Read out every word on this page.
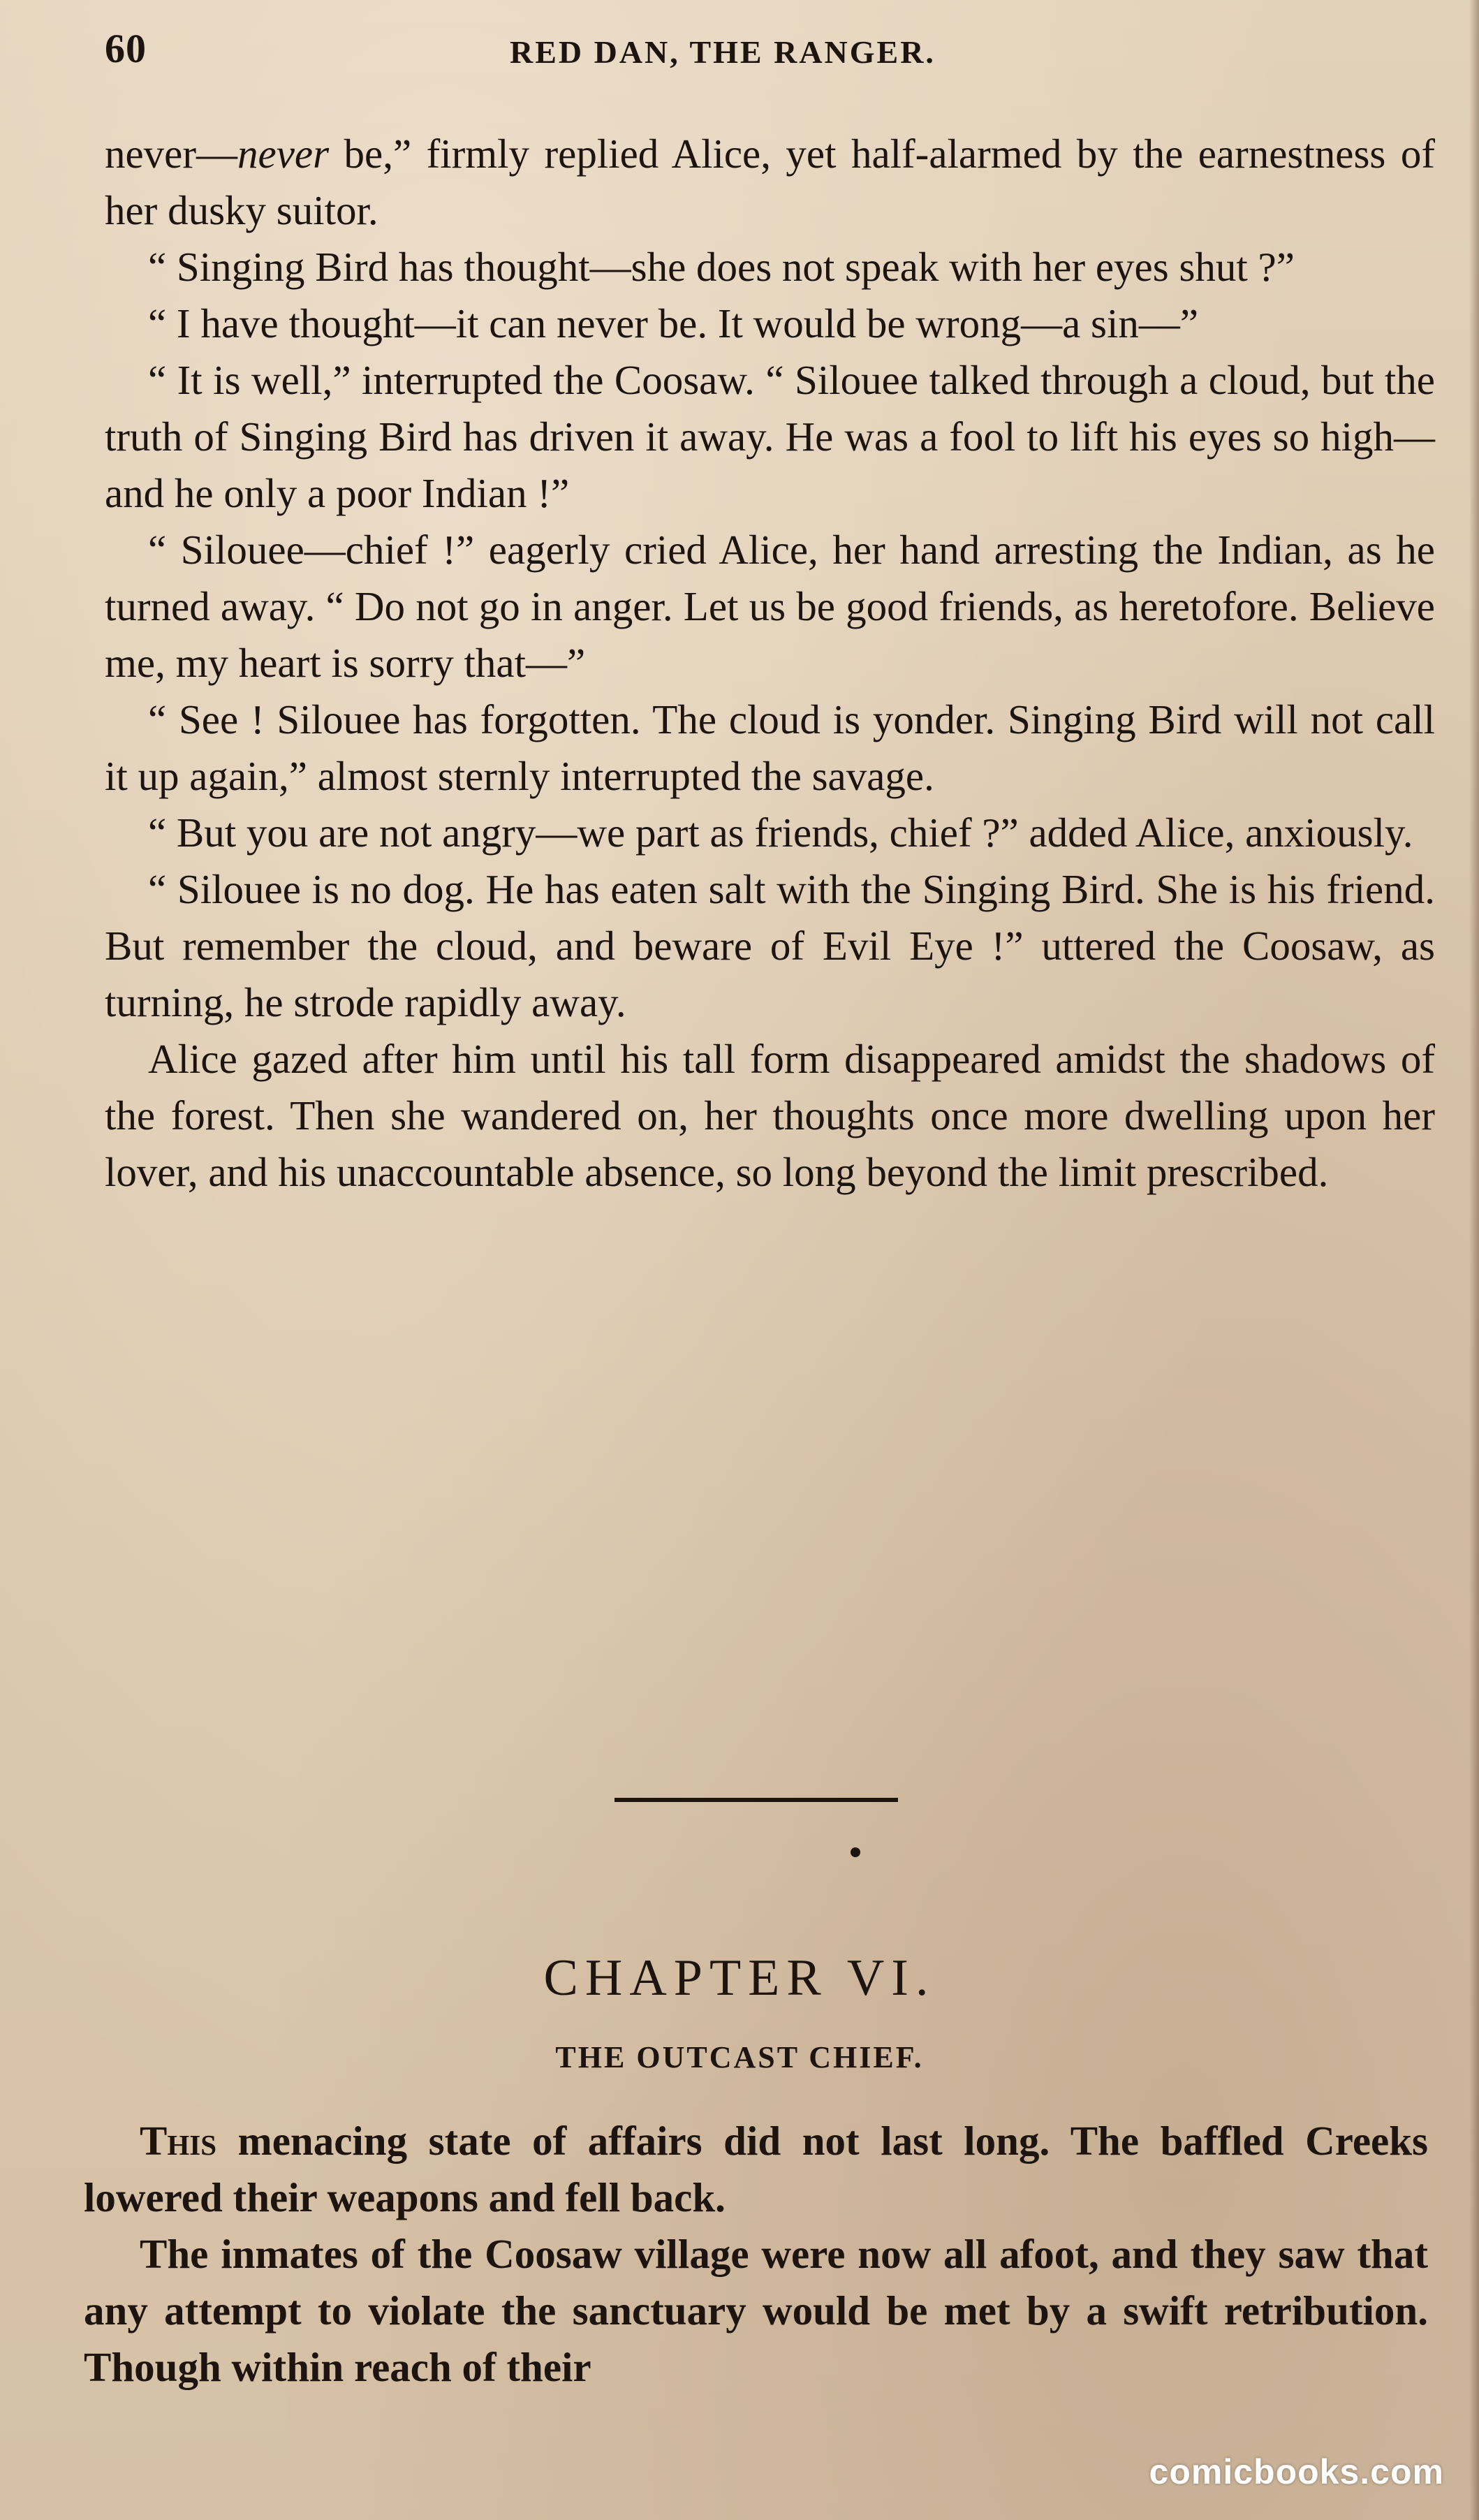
60	RED DAN, THE RANGER.

never—never be,” firmly replied Alice, yet half-alarmed by the earnestness of her dusky suitor.

“ Singing Bird has thought—she does not speak with her eyes shut ?”

“ I have thought—it can never be. It would be wrong—a sin—”

“ It is well,” interrupted the Coosaw. “ Silouee talked through a cloud, but the truth of Singing Bird has driven it away. He was a fool to lift his eyes so high—and he only a poor Indian !”

“ Silouee—chief !” eagerly cried Alice, her hand arresting the Indian, as he turned away. “ Do not go in anger. Let us be good friends, as heretofore. Believe me, my heart is sorry that—”

“ See ! Silouee has forgotten. The cloud is yonder. Singing Bird will not call it up again,” almost sternly interrupted the savage.

“ But you are not angry—we part as friends, chief ?” added Alice, anxiously.

“ Silouee is no dog. He has eaten salt with the Singing Bird. She is his friend. But remember the cloud, and beware of Evil Eye !” uttered the Coosaw, as turning, he strode rapidly away.

Alice gazed after him until his tall form disappeared amidst the shadows of the forest. Then she wandered on, her thoughts once more dwelling upon her lover, and his unaccountable absence, so long beyond the limit prescribed.

CHAPTER VI.
THE OUTCAST CHIEF.

This menacing state of affairs did not last long. The baffled Creeks lowered their weapons and fell back.

The inmates of the Coosaw village were now all afoot, and they saw that any attempt to violate the sanctuary would be met by a swift retribution. Though within reach of their

comicbooks.com
